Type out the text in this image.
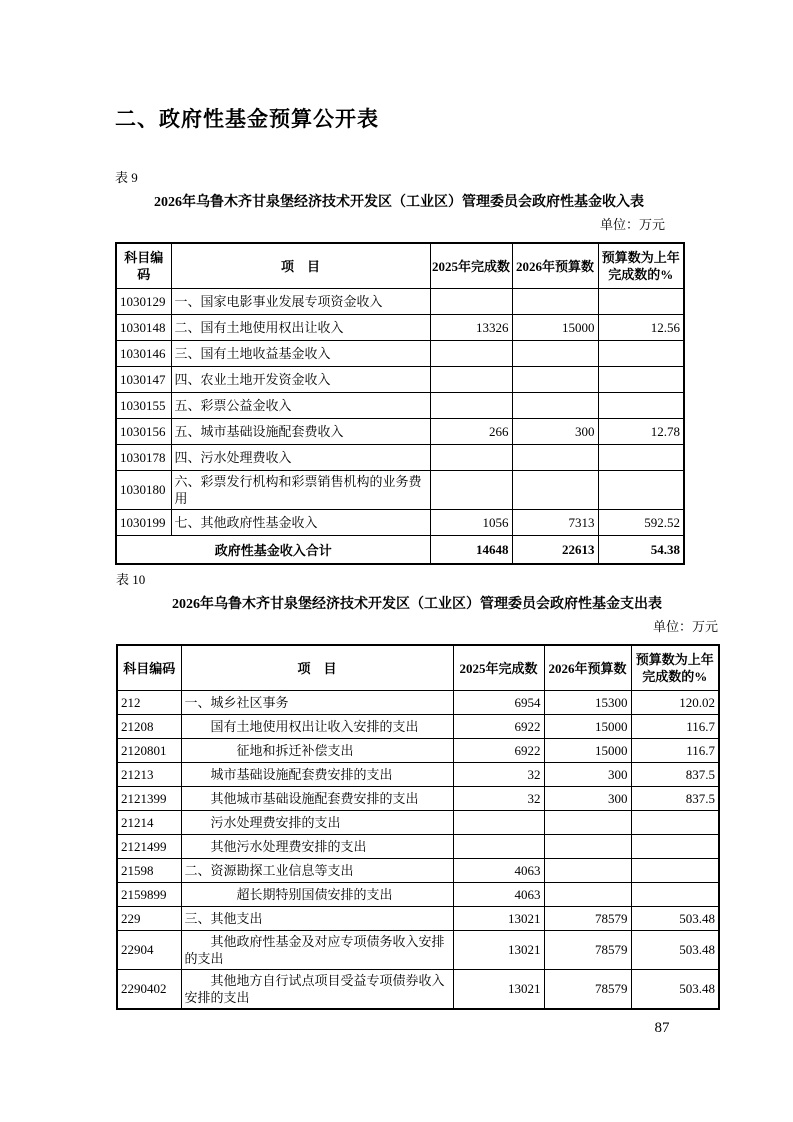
二、政府性基金预算公开表
表 9
2026年乌鲁木齐甘泉堡经济技术开发区（工业区）管理委员会政府性基金收入表
单位：万元
科目编码	项　目	2025年完成数	2026年预算数	预算数为上年完成数的%
1030129	一、国家电影事业发展专项资金收入			
1030148	二、国有土地使用权出让收入	13326	15000	12.56
1030146	三、国有土地收益基金收入			
1030147	四、农业土地开发资金收入			
1030155	五、彩票公益金收入			
1030156	五、城市基础设施配套费收入	266	300	12.78
1030178	四、污水处理费收入			
1030180	六、彩票发行机构和彩票销售机构的业务费用			
1030199	七、其他政府性基金收入	1056	7313	592.52
政府性基金收入合计		14648	22613	54.38
表 10
2026年乌鲁木齐甘泉堡经济技术开发区（工业区）管理委员会政府性基金支出表
单位：万元
科目编码	项　目	2025年完成数	2026年预算数	预算数为上年完成数的%
212	一、城乡社区事务	6954	15300	120.02
21208	　　国有土地使用权出让收入安排的支出	6922	15000	116.7
2120801	　　　　征地和拆迁补偿支出	6922	15000	116.7
21213	　　城市基础设施配套费安排的支出	32	300	837.5
2121399	　　其他城市基础设施配套费安排的支出	32	300	837.5
21214	　　污水处理费安排的支出			
2121499	　　其他污水处理费安排的支出			
21598	二、资源勘探工业信息等支出	4063		
2159899	　　　　超长期特别国债安排的支出	4063		
229	三、其他支出	13021	78579	503.48
22904	　　其他政府性基金及对应专项债务收入安排的支出	13021	78579	503.48
2290402	　　其他地方自行试点项目受益专项债券收入安排的支出	13021	78579	503.48
87
